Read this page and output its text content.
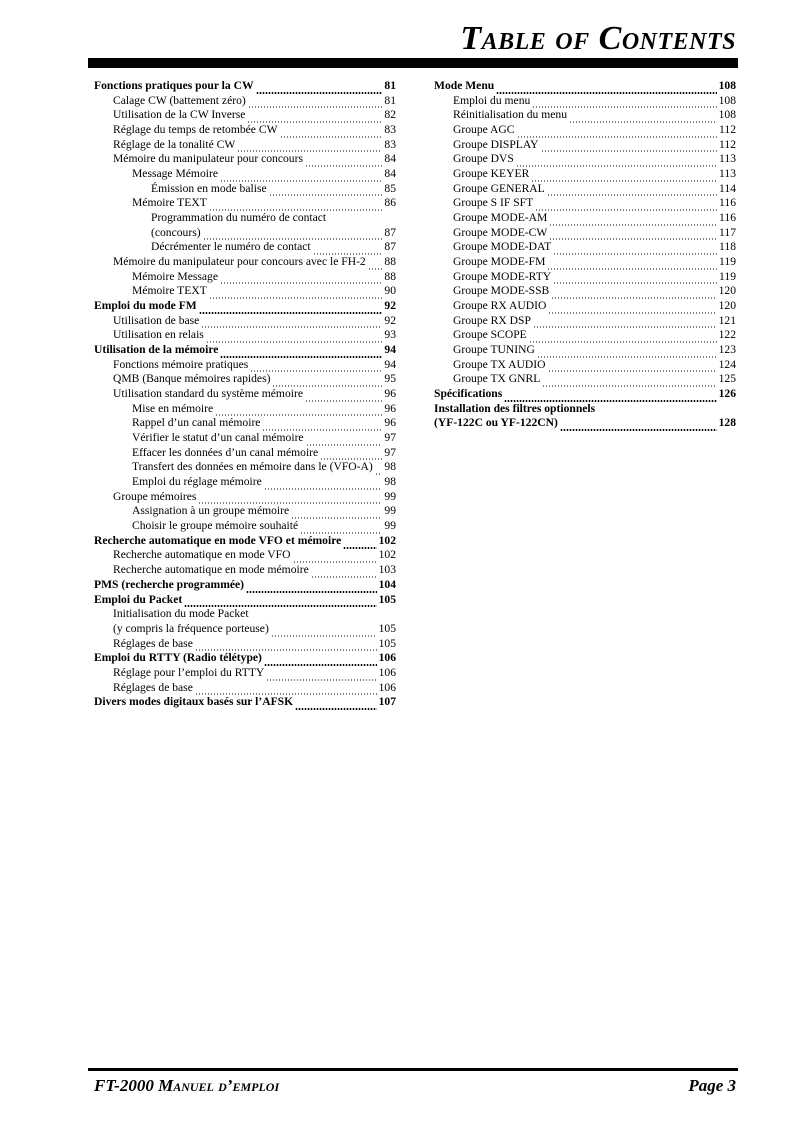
Table of Contents
Fonctions pratiques pour la CW	81
Calage CW (battement zéro)	81
Utilisation de la CW Inverse	82
Réglage du temps de retombée CW	83
Réglage de la tonalité CW	83
Mémoire du manipulateur pour concours	84
Message Mémoire	84
Émission en mode balise	85
Mémoire TEXT	86
Programmation du numéro de contact
(concours)	87
Décrémenter le numéro de contact	87
Mémoire du manipulateur pour concours avec le FH-2 88
Mémoire Message	88
Mémoire TEXT	90
Emploi du mode FM	92
Utilisation de base	92
Utilisation en relais	93
Utilisation de la mémoire	94
Fonctions mémoire pratiques	94
QMB (Banque mémoires rapides)	95
Utilisation standard du système mémoire	96
Mise en mémoire	96
Rappel d’un canal mémoire	96
Vérifier le statut d’un canal mémoire	97
Effacer les données d’un canal mémoire	97
Transfert des données en mémoire dans le (VFO-A) 98
Emploi du réglage mémoire	98
Groupe mémoires	99
Assignation à un groupe mémoire	99
Choisir le groupe mémoire souhaité	99
Recherche automatique en mode VFO et mémoire	102
Recherche automatique en mode VFO	102
Recherche automatique en mode mémoire	103
PMS (recherche programmée)	104
Emploi du Packet	105
Initialisation du mode Packet
(y compris la fréquence porteuse)	105
Réglages de base	105
Emploi du RTTY (Radio télétype)	106
Réglage pour l’emploi du RTTY	106
Réglages de base	106
Divers modes digitaux basés sur l’AFSK	107
Mode Menu	108
Emploi du menu	108
Réinitialisation du menu	108
Groupe AGC	112
Groupe DISPLAY	112
Groupe DVS	113
Groupe KEYER	113
Groupe GENERAL	114
Groupe S IF SFT	116
Groupe MODE-AM	116
Groupe MODE-CW	117
Groupe MODE-DAT	118
Groupe MODE-FM	119
Groupe MODE-RTY	119
Groupe MODE-SSB	120
Groupe RX AUDIO	120
Groupe RX DSP	121
Groupe SCOPE	122
Groupe TUNING	123
Groupe TX AUDIO	124
Groupe TX GNRL	125
Spécifications	126
Installation des filtres optionnels
(YF-122C ou YF-122CN)	128
FT-2000 Manuel d’emploi	Page 3
